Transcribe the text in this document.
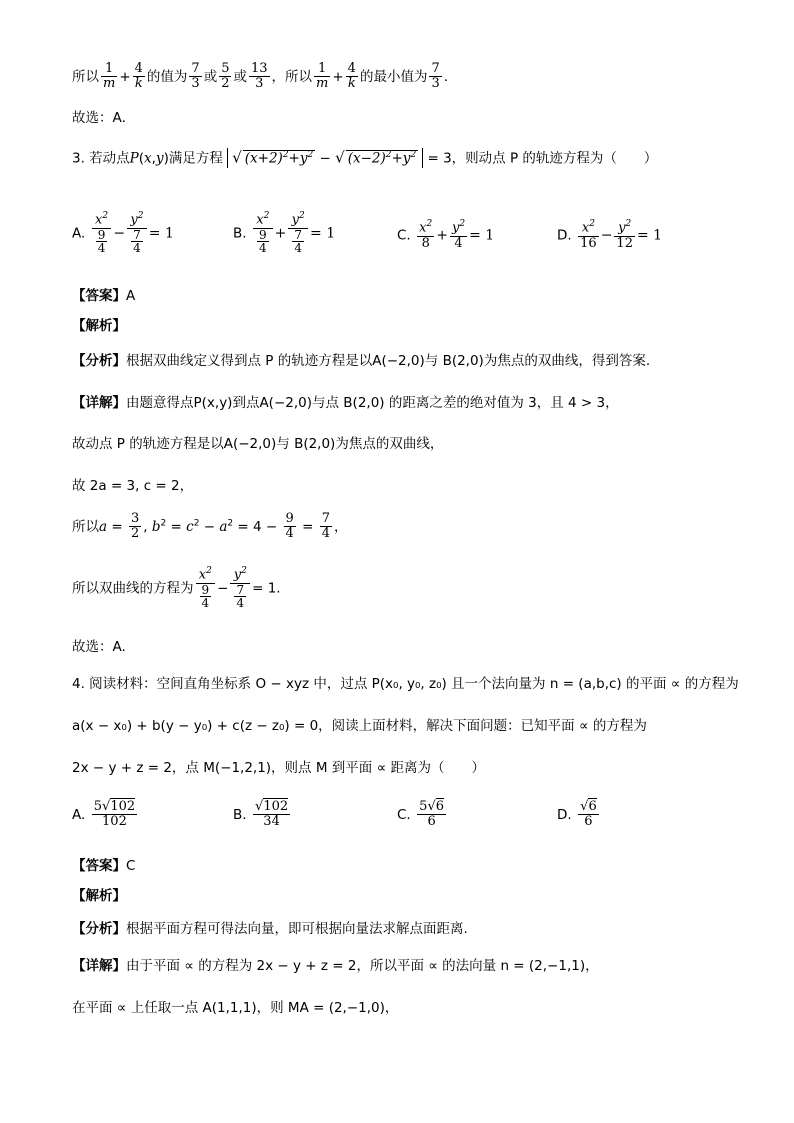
所以 $\frac{1}{m} + \frac{4}{k}$ 的值为 $\frac{7}{3}$ 或 $\frac{5}{2}$ 或 $\frac{13}{3}$ ，所以 $\frac{1}{m} + \frac{4}{k}$ 的最小值为 $\frac{7}{3}$ .
故选：A．
3. 若动点P(x,y)满足方程 √ $(x+2)^2+y^2$ − √ $(x-2)^2+y^2 = 3$，则动点 P 的轨迹方程为（　　）
A. $\frac{x^2}{\frac{9}{4}} - \frac{y^2}{\frac{7}{4}} = 1$	B. $\frac{x^2}{\frac{9}{4}} + \frac{y^2}{\frac{7}{4}} = 1$	C. $\frac{x^2}{8} + \frac{y^2}{4} = 1$	D. $\frac{x^2}{16} - \frac{y^2}{12} = 1$
【答案】A
【解析】
【分析】根据双曲线定义得到点 P 的轨迹方程是以A(−2,0)与 B(2,0)为焦点的双曲线，得到答案.
【详解】由题意得点P(x,y)到点A(−2,0)与点 B(2,0) 的距离之差的绝对值为 3，且 4 > 3，
故动点 P 的轨迹方程是以A(−2,0)与 B(2,0)为焦点的双曲线，
故 2a = 3, c = 2，
所以$a = \frac{3}{2}$ , $b^2 = c^2 - a^2 = 4 - \frac{9}{4} = \frac{7}{4}$ ，
所以双曲线的方程为 $\frac{x^2}{\frac{9}{4}} - \frac{y^2}{\frac{7}{4}} = 1$.
故选：A.
4. 阅读材料：空间直角坐标系 O − xyz 中，过点 P(x₀, y₀, z₀) 且一个法向量为 n = (a,b,c) 的平面 ∝ 的方程为
a(x − x₀) + b(y − y₀) + c(z − z₀) = 0，阅读上面材料，解决下面问题：已知平面 ∝ 的方程为
2x − y + z = 2，点 M(−1,2,1)，则点 M 到平面 ∝ 距离为（　　）
A. $\frac{5√102}{102}$	B. $\frac{√102}{34}$	C. $\frac{5√6}{6}$	D. $\frac{√6}{6}$
【答案】C
【解析】
【分析】根据平面方程可得法向量，即可根据向量法求解点面距离.
【详解】由于平面 ∝ 的方程为 2x − y + z = 2，所以平面 ∝ 的法向量 n = (2,−1,1)，
在平面 ∝ 上任取一点 A(1,1,1)，则 MA = (2,−1,0)，
